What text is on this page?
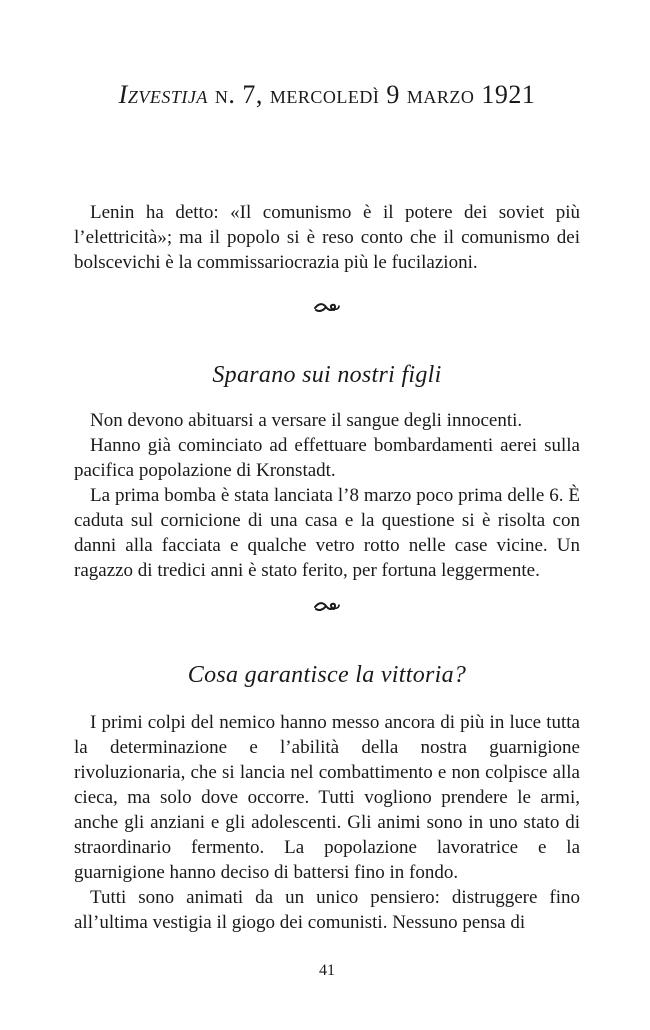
Izvestija n. 7, mercoledì 9 marzo 1921

Lenin ha detto: «Il comunismo è il potere dei soviet più l’elettricità»; ma il popolo si è reso conto che il comunismo dei bolscevichi è la commissariocrazia più le fucilazioni.

Sparano sui nostri figli

Non devono abituarsi a versare il sangue degli innocenti.

Hanno già cominciato ad effettuare bombardamenti aerei sulla pacifica popolazione di Kronstadt.

La prima bomba è stata lanciata l’8 marzo poco prima delle 6. È caduta sul cornicione di una casa e la questione si è risolta con danni alla facciata e qualche vetro rotto nelle case vicine. Un ragazzo di tredici anni è stato ferito, per fortuna leggermente.

Cosa garantisce la vittoria?

I primi colpi del nemico hanno messo ancora di più in luce tutta la determinazione e l’abilità della nostra guarnigione rivoluzionaria, che si lancia nel combattimento e non colpisce alla cieca, ma solo dove occorre. Tutti vogliono prendere le armi, anche gli anziani e gli adolescenti. Gli animi sono in uno stato di straordinario fermento. La popolazione lavoratrice e la guarnigione hanno deciso di battersi fino in fondo.

Tutti sono animati da un unico pensiero: distruggere fino all’ultima vestigia il giogo dei comunisti. Nessuno pensa di

41
